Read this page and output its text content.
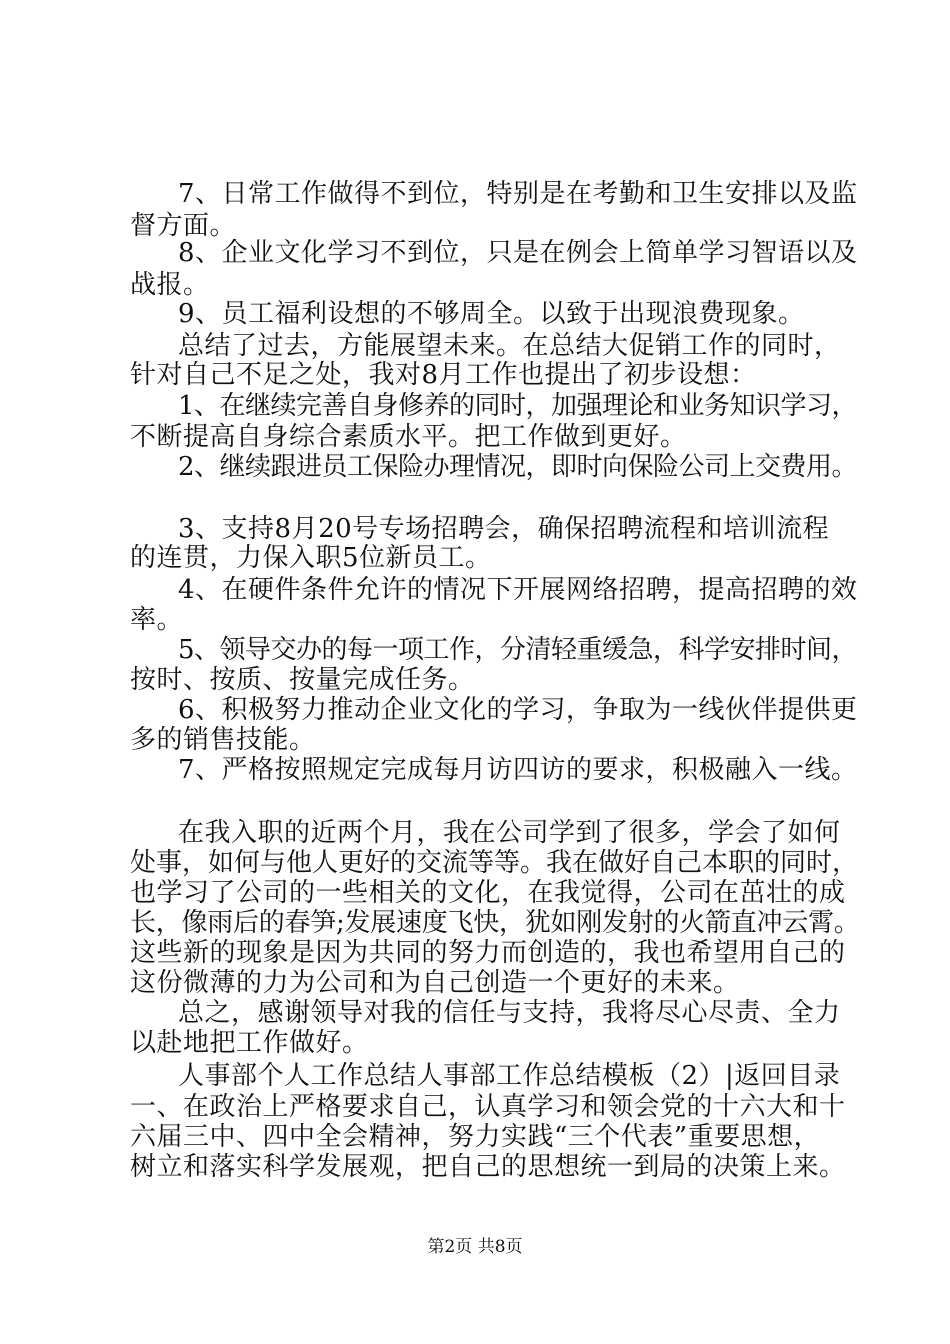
7、日常工作做得不到位，特别是在考勤和卫生安排以及监
督方面。
8、企业文化学习不到位，只是在例会上简单学习智语以及
战报。
9、员工福利设想的不够周全。以致于出现浪费现象。
总结了过去，方能展望未来。在总结大促销工作的同时，
针对自己不足之处，我对8月工作也提出了初步设想：
1、在继续完善自身修养的同时，加强理论和业务知识学习，
不断提高自身综合素质水平。把工作做到更好。
2、继续跟进员工保险办理情况，即时向保险公司上交费用。
3、支持8月20号专场招聘会，确保招聘流程和培训流程
的连贯，力保入职5位新员工。
4、在硬件条件允许的情况下开展网络招聘，提高招聘的效
率。
5、领导交办的每一项工作，分清轻重缓急，科学安排时间，
按时、按质、按量完成任务。
6、积极努力推动企业文化的学习，争取为一线伙伴提供更
多的销售技能。
7、严格按照规定完成每月访四访的要求，积极融入一线。
在我入职的近两个月，我在公司学到了很多，学会了如何
处事，如何与他人更好的交流等等。我在做好自己本职的同时，
也学习了公司的一些相关的文化，在我觉得，公司在茁壮的成
长，像雨后的春笋;发展速度飞快，犹如刚发射的火箭直冲云霄。
这些新的现象是因为共同的努力而创造的，我也希望用自己的
这份微薄的力为公司和为自己创造一个更好的未来。
总之，感谢领导对我的信任与支持，我将尽心尽责、全力
以赴地把工作做好。
人事部个人工作总结人事部工作总结模板（2）|返回目录
一、在政治上严格要求自己，认真学习和领会党的十六大和十
六届三中、四中全会精神，努力实践“三个代表”重要思想，
树立和落实科学发展观，把自己的思想统一到局的决策上来。
第2页 共8页
